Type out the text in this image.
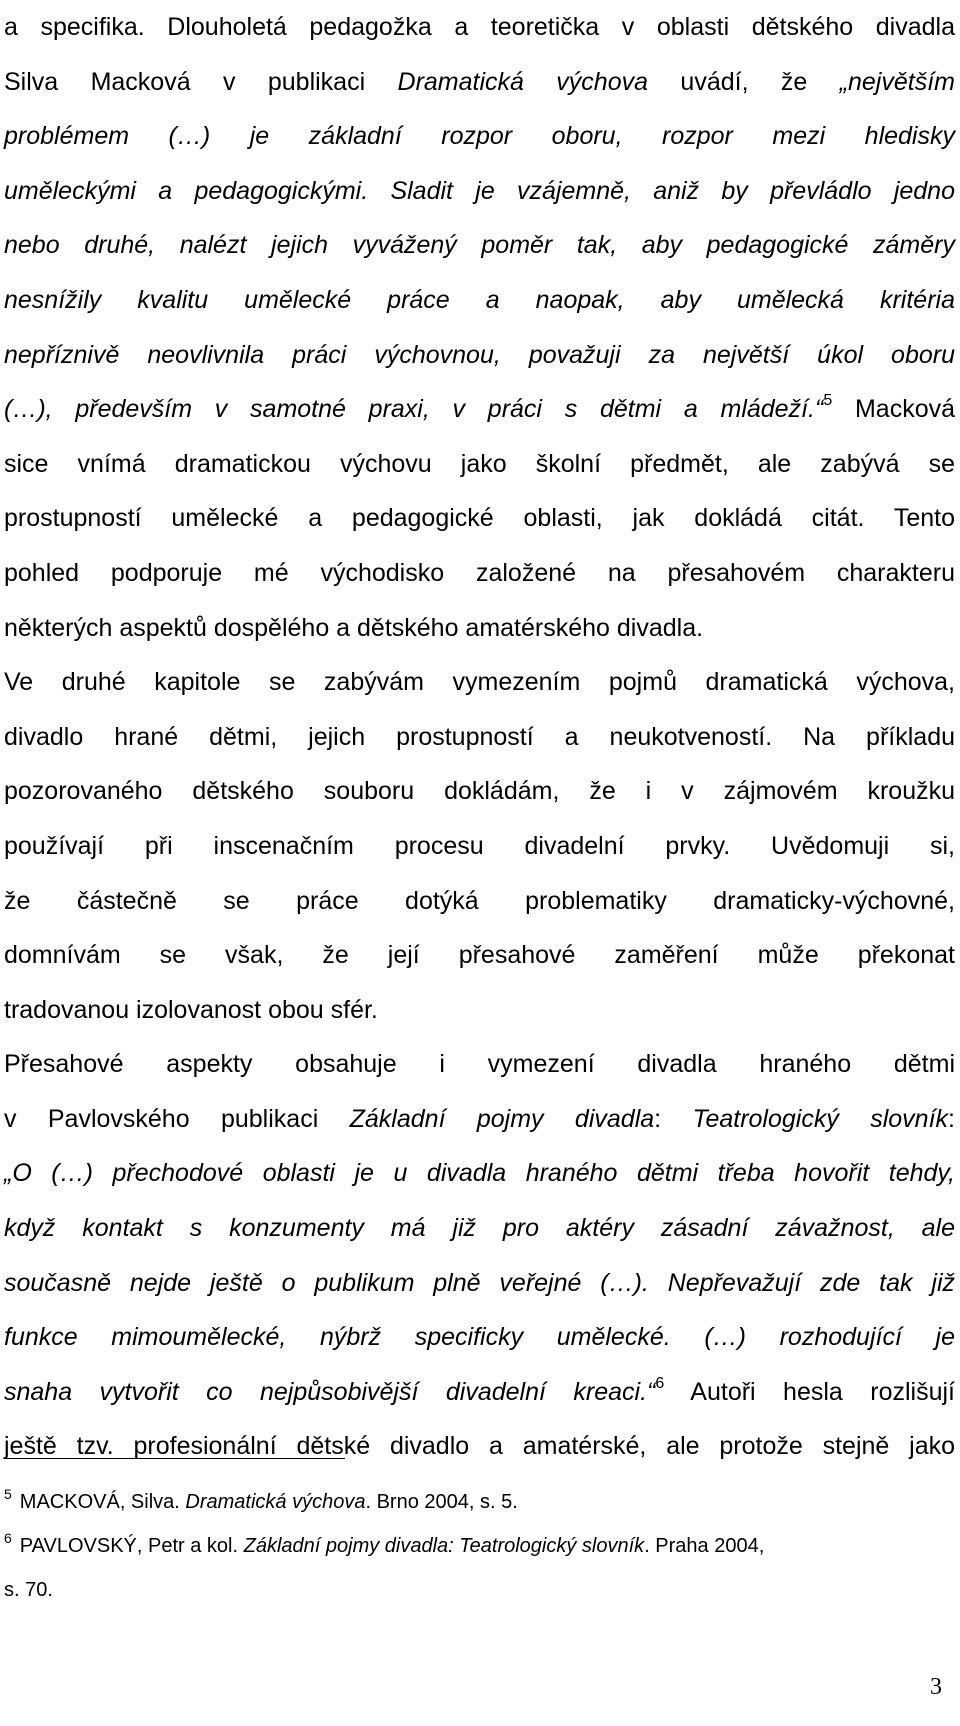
a specifika. Dlouholetá pedagožka a teoretička v oblasti dětského divadla
Silva Macková v publikaci Dramatická výchova uvádí, že „největším
problémem (…) je základní rozpor oboru, rozpor mezi hledisky
uměleckými a pedagogickými. Sladit je vzájemně, aniž by převládlo jedno
nebo druhé, nalézt jejich vyvážený poměr tak, aby pedagogické záměry
nesnížily kvalitu umělecké práce a naopak, aby umělecká kritéria
nepříznivě neovlivnila práci výchovnou, považuji za největší úkol oboru
(…), především v samotné praxi, v práci s dětmi a mládeží.“$^5$ Macková
sice vnímá dramatickou výchovu jako školní předmět, ale zabývá se
prostupností umělecké a pedagogické oblasti, jak dokládá citát. Tento
pohled podporuje mé východisko založené na přesahovém charakteru
některých aspektů dospělého a dětského amatérského divadla.
Ve druhé kapitole se zabývám vymezením pojmů dramatická výchova,
divadlo hrané dětmi, jejich prostupností a neukotveností. Na příkladu
pozorovaného dětského souboru dokládám, že i v zájmovém kroužku
používají při inscenačním procesu divadelní prvky. Uvědomuji si,
že částečně se práce dotýká problematiky dramaticky-výchovné,
domnívám se však, že její přesahové zaměření může překonat
tradovanou izolovanost obou sfér.
Přesahové aspekty obsahuje i vymezení divadla hraného dětmi
v Pavlovského publikaci Základní pojmy divadla: Teatrologický slovník:
„O (…) přechodové oblasti je u divadla hraného dětmi třeba hovořit tehdy,
když kontakt s konzumenty má již pro aktéry zásadní závažnost, ale
současně nejde ještě o publikum plně veřejné (…). Nepřevažují zde tak již
funkce mimoumělecké, nýbrž specificky umělecké. (…) rozhodující je
snaha vytvořit co nejpůsobivější divadelní kreaci.“$^6$ Autoři hesla rozlišují
ještě tzv. profesionální dětské divadlo a amatérské, ale protože stejně jako
$^5$ MACKOVÁ, Silva. Dramatická výchova. Brno 2004, s. 5.
$^6$ PAVLOVSKÝ, Petr a kol. Základní pojmy divadla: Teatrologický slovník. Praha 2004,
s. 70.
3
